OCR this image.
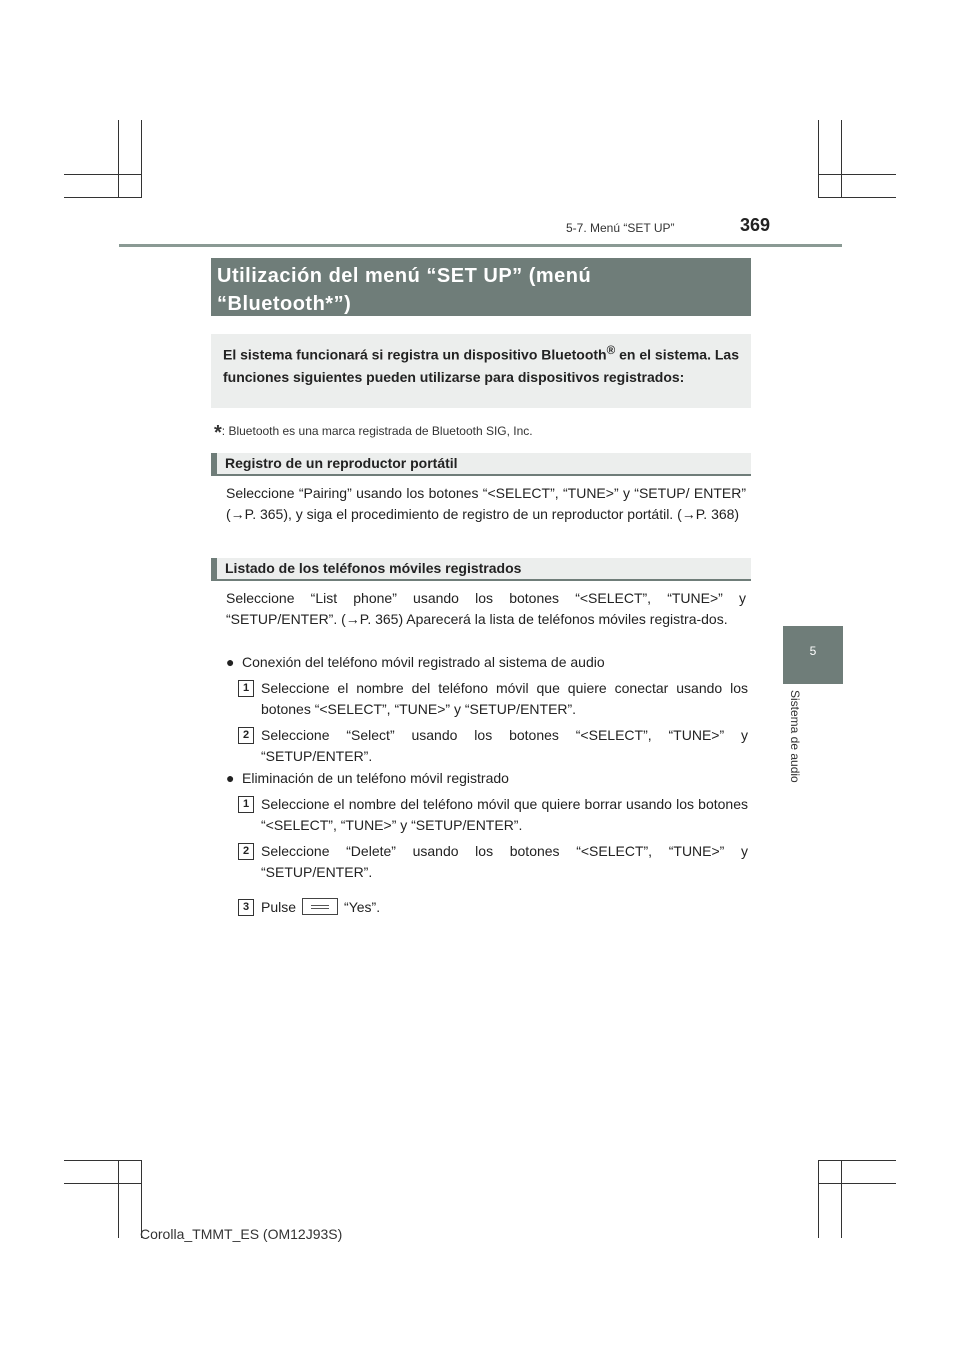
5-7. Menú “SET UP”	369
5
Sistema de audio
Utilización del menú “SET UP” (menú
“Bluetooth*”)
El sistema funcionará si registra un dispositivo Bluetooth® en el sistema. Las funciones siguientes pueden utilizarse para dispositivos registrados:
*: Bluetooth es una marca registrada de Bluetooth SIG, Inc.
Registro de un reproductor portátil
Seleccione “Pairing” usando los botones “<SELECT”, “TUNE>” y “SETUP/ ENTER” (→P. 365), y siga el procedimiento de registro de un reproductor portátil. (→P. 368)
Listado de los teléfonos móviles registrados
Seleccione “List phone” usando los botones “<SELECT”, “TUNE>” y “SETUP/ENTER”. (→P. 365) Aparecerá la lista de teléfonos móviles registra-dos.
● Conexión del teléfono móvil registrado al sistema de audio
1 Seleccione el nombre del teléfono móvil que quiere conectar usando los botones “<SELECT”, “TUNE>” y “SETUP/ENTER”.
2 Seleccione “Select” usando los botones “<SELECT”, “TUNE>” y “SETUP/ENTER”.
● Eliminación de un teléfono móvil registrado
1 Seleccione el nombre del teléfono móvil que quiere borrar usando los botones “<SELECT”, “TUNE>” y “SETUP/ENTER”.
2 Seleccione “Delete” usando los botones “<SELECT”, “TUNE>” y “SETUP/ENTER”.
3 Pulse	“Yes”.
Corolla_TMMT_ES (OM12J93S)
